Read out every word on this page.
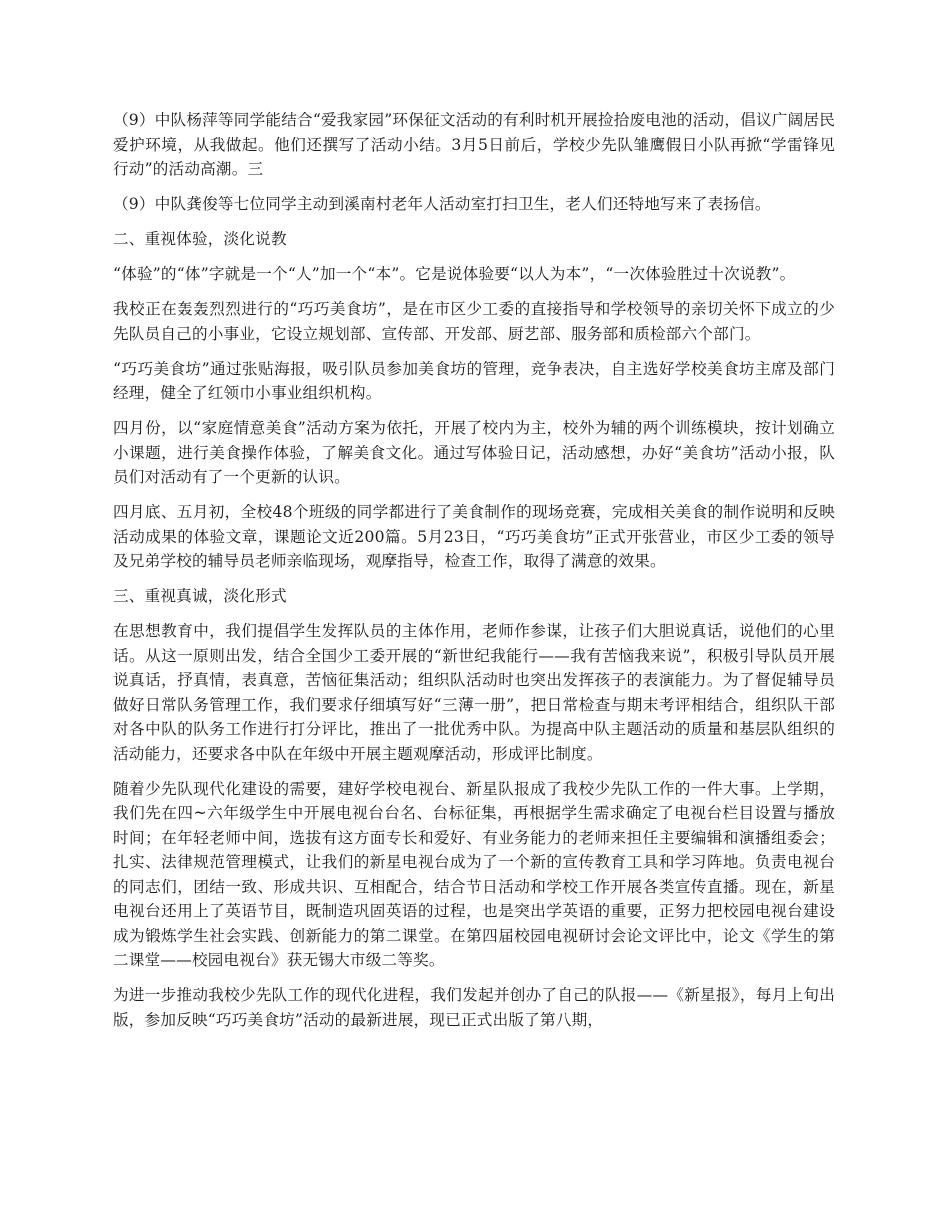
（9）中队杨萍等同学能结合“爱我家园”环保征文活动的有利时机开展捡拾废电池的活动，倡议广阔居民爱护环境，从我做起。他们还撰写了活动小结。3月5日前后，学校少先队雏鹰假日小队再掀“学雷锋见行动”的活动高潮。三

（9）中队龚俊等七位同学主动到溪南村老年人活动室打扫卫生，老人们还特地写来了表扬信。

二、重视体验，淡化说教

“体验”的“体”字就是一个“人”加一个“本”。它是说体验要“以人为本”，“一次体验胜过十次说教”。

我校正在轰轰烈烈进行的“巧巧美食坊”，是在市区少工委的直接指导和学校领导的亲切关怀下成立的少先队员自己的小事业，它设立规划部、宣传部、开发部、厨艺部、服务部和质检部六个部门。

“巧巧美食坊”通过张贴海报，吸引队员参加美食坊的管理，竞争表决，自主选好学校美食坊主席及部门经理，健全了红领巾小事业组织机构。

四月份，以“家庭情意美食”活动方案为依托，开展了校内为主，校外为辅的两个训练模块，按计划确立小课题，进行美食操作体验，了解美食文化。通过写体验日记，活动感想，办好“美食坊”活动小报，队员们对活动有了一个更新的认识。

四月底、五月初，全校48个班级的同学都进行了美食制作的现场竞赛，完成相关美食的制作说明和反映活动成果的体验文章，课题论文近200篇。5月23日，“巧巧美食坊”正式开张营业，市区少工委的领导及兄弟学校的辅导员老师亲临现场，观摩指导，检查工作，取得了满意的效果。

三、重视真诚，淡化形式

在思想教育中，我们提倡学生发挥队员的主体作用，老师作参谋，让孩子们大胆说真话，说他们的心里话。从这一原则出发，结合全国少工委开展的“新世纪我能行——我有苦恼我来说”，积极引导队员开展说真话，抒真情，表真意，苦恼征集活动；组织队活动时也突出发挥孩子的表演能力。为了督促辅导员做好日常队务管理工作，我们要求仔细填写好“三薄一册”，把日常检查与期末考评相结合，组织队干部对各中队的队务工作进行打分评比，推出了一批优秀中队。为提高中队主题活动的质量和基层队组织的活动能力，还要求各中队在年级中开展主题观摩活动，形成评比制度。

随着少先队现代化建设的需要，建好学校电视台、新星队报成了我校少先队工作的一件大事。上学期，我们先在四~六年级学生中开展电视台台名、台标征集，再根据学生需求确定了电视台栏目设置与播放时间；在年轻老师中间，选拔有这方面专长和爱好、有业务能力的老师来担任主要编辑和演播组委会；扎实、法律规范管理模式，让我们的新星电视台成为了一个新的宣传教育工具和学习阵地。负责电视台的同志们，团结一致、形成共识、互相配合，结合节日活动和学校工作开展各类宣传直播。现在，新星电视台还用上了英语节目，既制造巩固英语的过程，也是突出学英语的重要，正努力把校园电视台建设成为锻炼学生社会实践、创新能力的第二课堂。在第四届校园电视研讨会论文评比中，论文《学生的第二课堂——校园电视台》获无锡大市级二等奖。

为进一步推动我校少先队工作的现代化进程，我们发起并创办了自己的队报——《新星报》，每月上旬出版，参加反映“巧巧美食坊”活动的最新进展，现已正式出版了第八期，
